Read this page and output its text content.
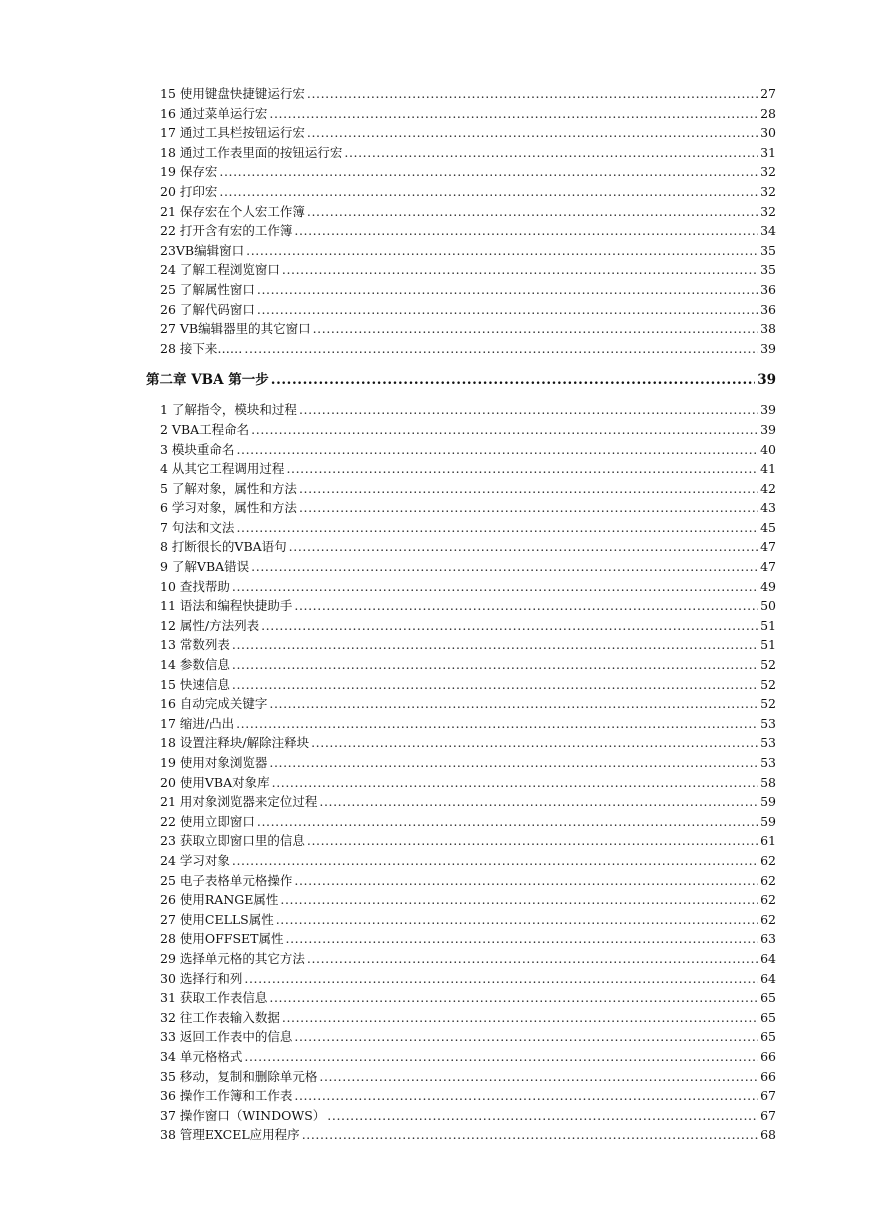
15 使用键盘快捷键运行宏 .....	27
16 通过菜单运行宏 .....	28
17 通过工具栏按钮运行宏 .....	30
18 通过工作表里面的按钮运行宏 .....	31
19 保存宏 .....	32
20 打印宏 .....	32
21 保存宏在个人宏工作簿 .....	32
22 打开含有宏的工作簿 .....	34
23VB编辑窗口 .....	35
24 了解工程浏览窗口 .....	35
25 了解属性窗口 .....	36
26 了解代码窗口 .....	36
27 VB编辑器里的其它窗口 .....	38
28 接下来…… .....	39
第二章 VBA 第一步 .....	39
1 了解指令，模块和过程 .....	39
2 VBA工程命名 .....	39
3 模块重命名 .....	40
4 从其它工程调用过程 .....	41
5 了解对象，属性和方法 .....	42
6 学习对象，属性和方法 .....	43
7 句法和文法 .....	45
8 打断很长的VBA语句 .....	47
9 了解VBA错误 .....	47
10 查找帮助 .....	49
11 语法和编程快捷助手 .....	50
12 属性/方法列表 .....	51
13 常数列表 .....	51
14 参数信息 .....	52
15 快速信息 .....	52
16 自动完成关键字 .....	52
17 缩进/凸出 .....	53
18 设置注释块/解除注释块 .....	53
19 使用对象浏览器 .....	53
20 使用VBA对象库 .....	58
21 用对象浏览器来定位过程 .....	59
22 使用立即窗口 .....	59
23 获取立即窗口里的信息 .....	61
24 学习对象 .....	62
25 电子表格单元格操作 .....	62
26 使用RANGE属性 .....	62
27 使用CELLS属性 .....	62
28 使用OFFSET属性 .....	63
29 选择单元格的其它方法 .....	64
30 选择行和列 .....	64
31 获取工作表信息 .....	65
32 往工作表输入数据 .....	65
33 返回工作表中的信息 .....	65
34 单元格格式 .....	66
35 移动，复制和删除单元格 .....	66
36 操作工作簿和工作表 .....	67
37 操作窗口（WINDOWS） .....	67
38 管理EXCEL应用程序 .....	68
